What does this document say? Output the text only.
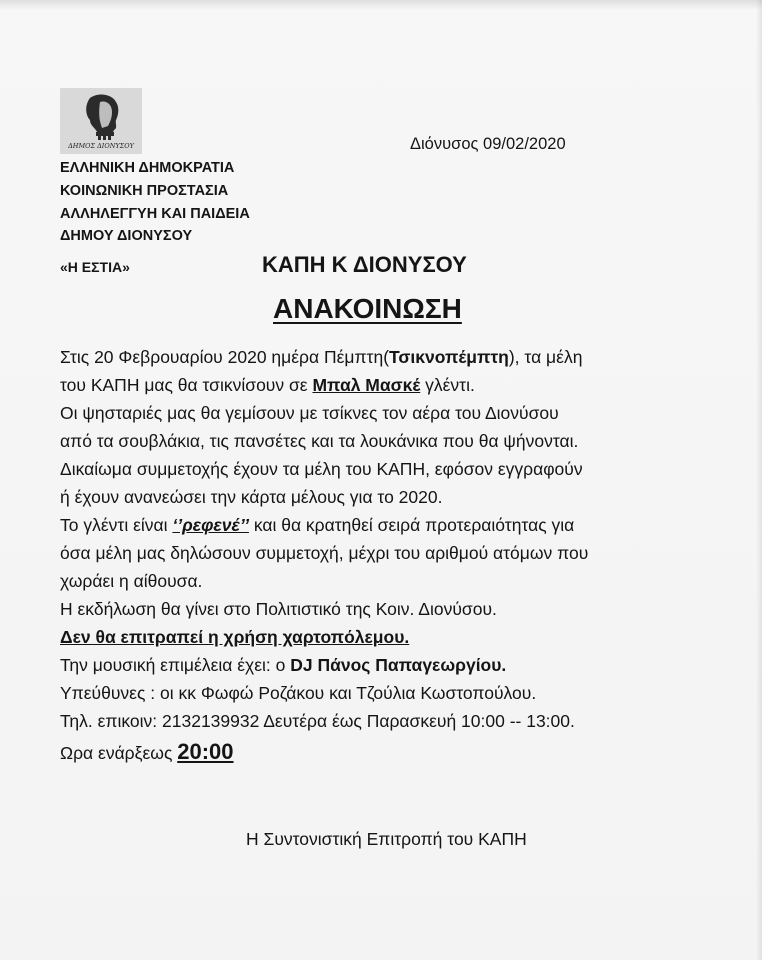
ΔΗΜΟΣ ΔΙΟΝΥΣΟΥ	Διόνυσος 09/02/2020
ΕΛΛΗΝΙΚΗ ΔΗΜΟΚΡΑΤΙΑ
ΚΟΙΝΩΝΙΚΗ ΠΡΟΣΤΑΣΙΑ
ΑΛΛΗΛΕΓΓΥΗ ΚΑΙ ΠΑΙΔΕΙΑ
ΔΗΜΟΥ ΔΙΟΝΥΣΟΥ
«Η ΕΣΤΙΑ»	ΚΑΠΗ Κ ΔΙΟΝΥΣΟΥ
ΑΝΑΚΟΙΝΩΣΗ
Στις 20 Φεβρουαρίου 2020 ημέρα Πέμπτη(Τσικνοπέμπτη), τα μέλη
του ΚΑΠΗ μας θα τσικνίσουν σε Μπαλ Μασκέ γλέντι.
Οι ψησταριές μας θα γεμίσουν με τσίκνες τον αέρα του Διονύσου
από τα σουβλάκια, τις πανσέτες και τα λουκάνικα που θα ψήνονται.
Δικαίωμα συμμετοχής έχουν τα μέλη του ΚΑΠΗ, εφόσον εγγραφούν
ή έχουν ανανεώσει την κάρτα μέλους για το 2020.
Το γλέντι είναι ‘’ρεφενέ’’ και θα κρατηθεί σειρά προτεραιότητας για
όσα μέλη μας δηλώσουν συμμετοχή, μέχρι του αριθμού ατόμων που
χωράει η αίθουσα.
Η εκδήλωση θα γίνει στο Πολιτιστικό της Κοιν. Διονύσου.
Δεν θα επιτραπεί η χρήση χαρτοπόλεμου.
Την μουσική επιμέλεια έχει: ο DJ Πάνος Παπαγεωργίου.
Υπεύθυνες : οι κκ Φωφώ Ροζάκου και Τζούλια Κωστοπούλου.
Τηλ. επικοιν: 2132139932 Δευτέρα έως Παρασκευή 10:00 -- 13:00.
Ωρα ενάρξεως 20:00
Η Συντονιστική Επιτροπή του ΚΑΠΗ
